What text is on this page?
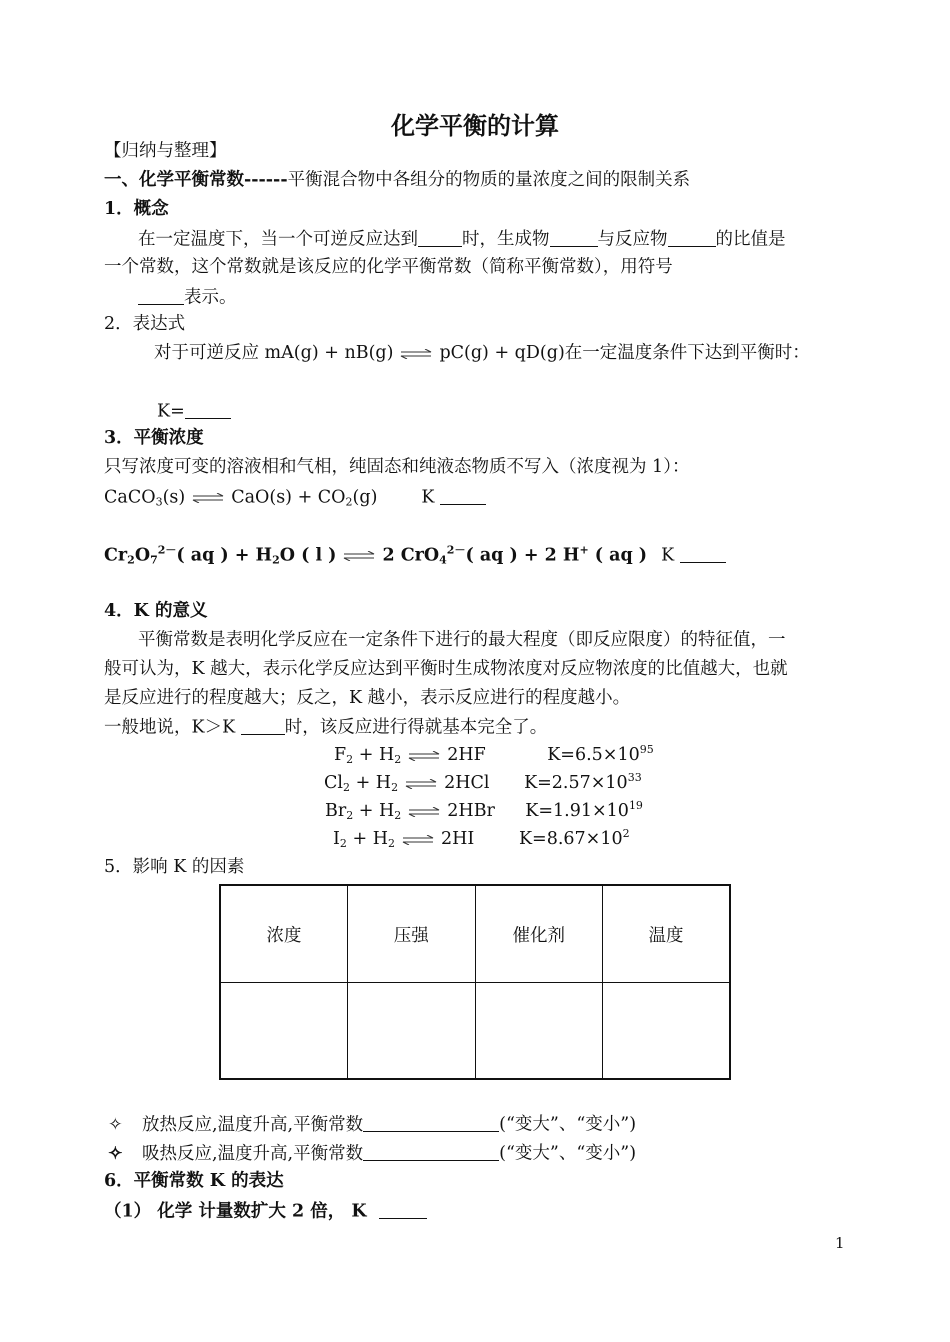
化学平衡的计算
【归纳与整理】
一、化学平衡常数------平衡混合物中各组分的物质的量浓度之间的限制关系
1．概念
在一定温度下，当一个可逆反应达到	时，生成物	与反应物	的比值是
一个常数，这个常数就是该反应的化学平衡常数（简称平衡常数），用符号
表示。
2．表达式
对于可逆反应 mA(g) + nB(g) ⇌ pC(g) + qD(g)在一定温度条件下达到平衡时：
K=
3．平衡浓度
只写浓度可变的溶液相和气相，纯固态和纯液态物质不写入（浓度视为 1）：
CaCO$_3$(s) ⇌ $CaO(s) + CO_2(g)$	K
$Cr_2O_7^{2-}$( aq ) + $H_2O$ ( l ) ⇌ 2 CrO$_4^{2-}$( aq ) + 2 H+ ( aq ) K
4．K 的意义
平衡常数是表明化学反应在一定条件下进行的最大程度（即反应限度）的特征值，一
般可认为，K 越大，表示化学反应达到平衡时生成物浓度对反应物浓度的比值越大，也就
是反应进行的程度越大；反之，K 越小，表示反应进行的程度越小。
一般地说，K＞K	时，该反应进行得就基本完全了。
$F_2 + H_2$ ⇌ 2HF	$K=6.5\times 10^{95}$
$Cl_2 + H_2$ ⇌ 2HCl $K=2.57\times 10^{33}$
$Br_2 + H_2$ ⇌ 2HBr $K=1.91\times 10^{19}$
$I_2 + H_2$ ⇌ 2HI	$K=8.67\times 10^2$
5．影响 K 的因素
浓度	压强	催化剂	温度

✧ 放热反应,温度升高,平衡常数	(“变大”、“变小”)
✧ 吸热反应,温度升高,平衡常数	(“变大”、“变小”)
6．平衡常数 K 的表达
（1） 化学 计量数扩大 2 倍， K
1
